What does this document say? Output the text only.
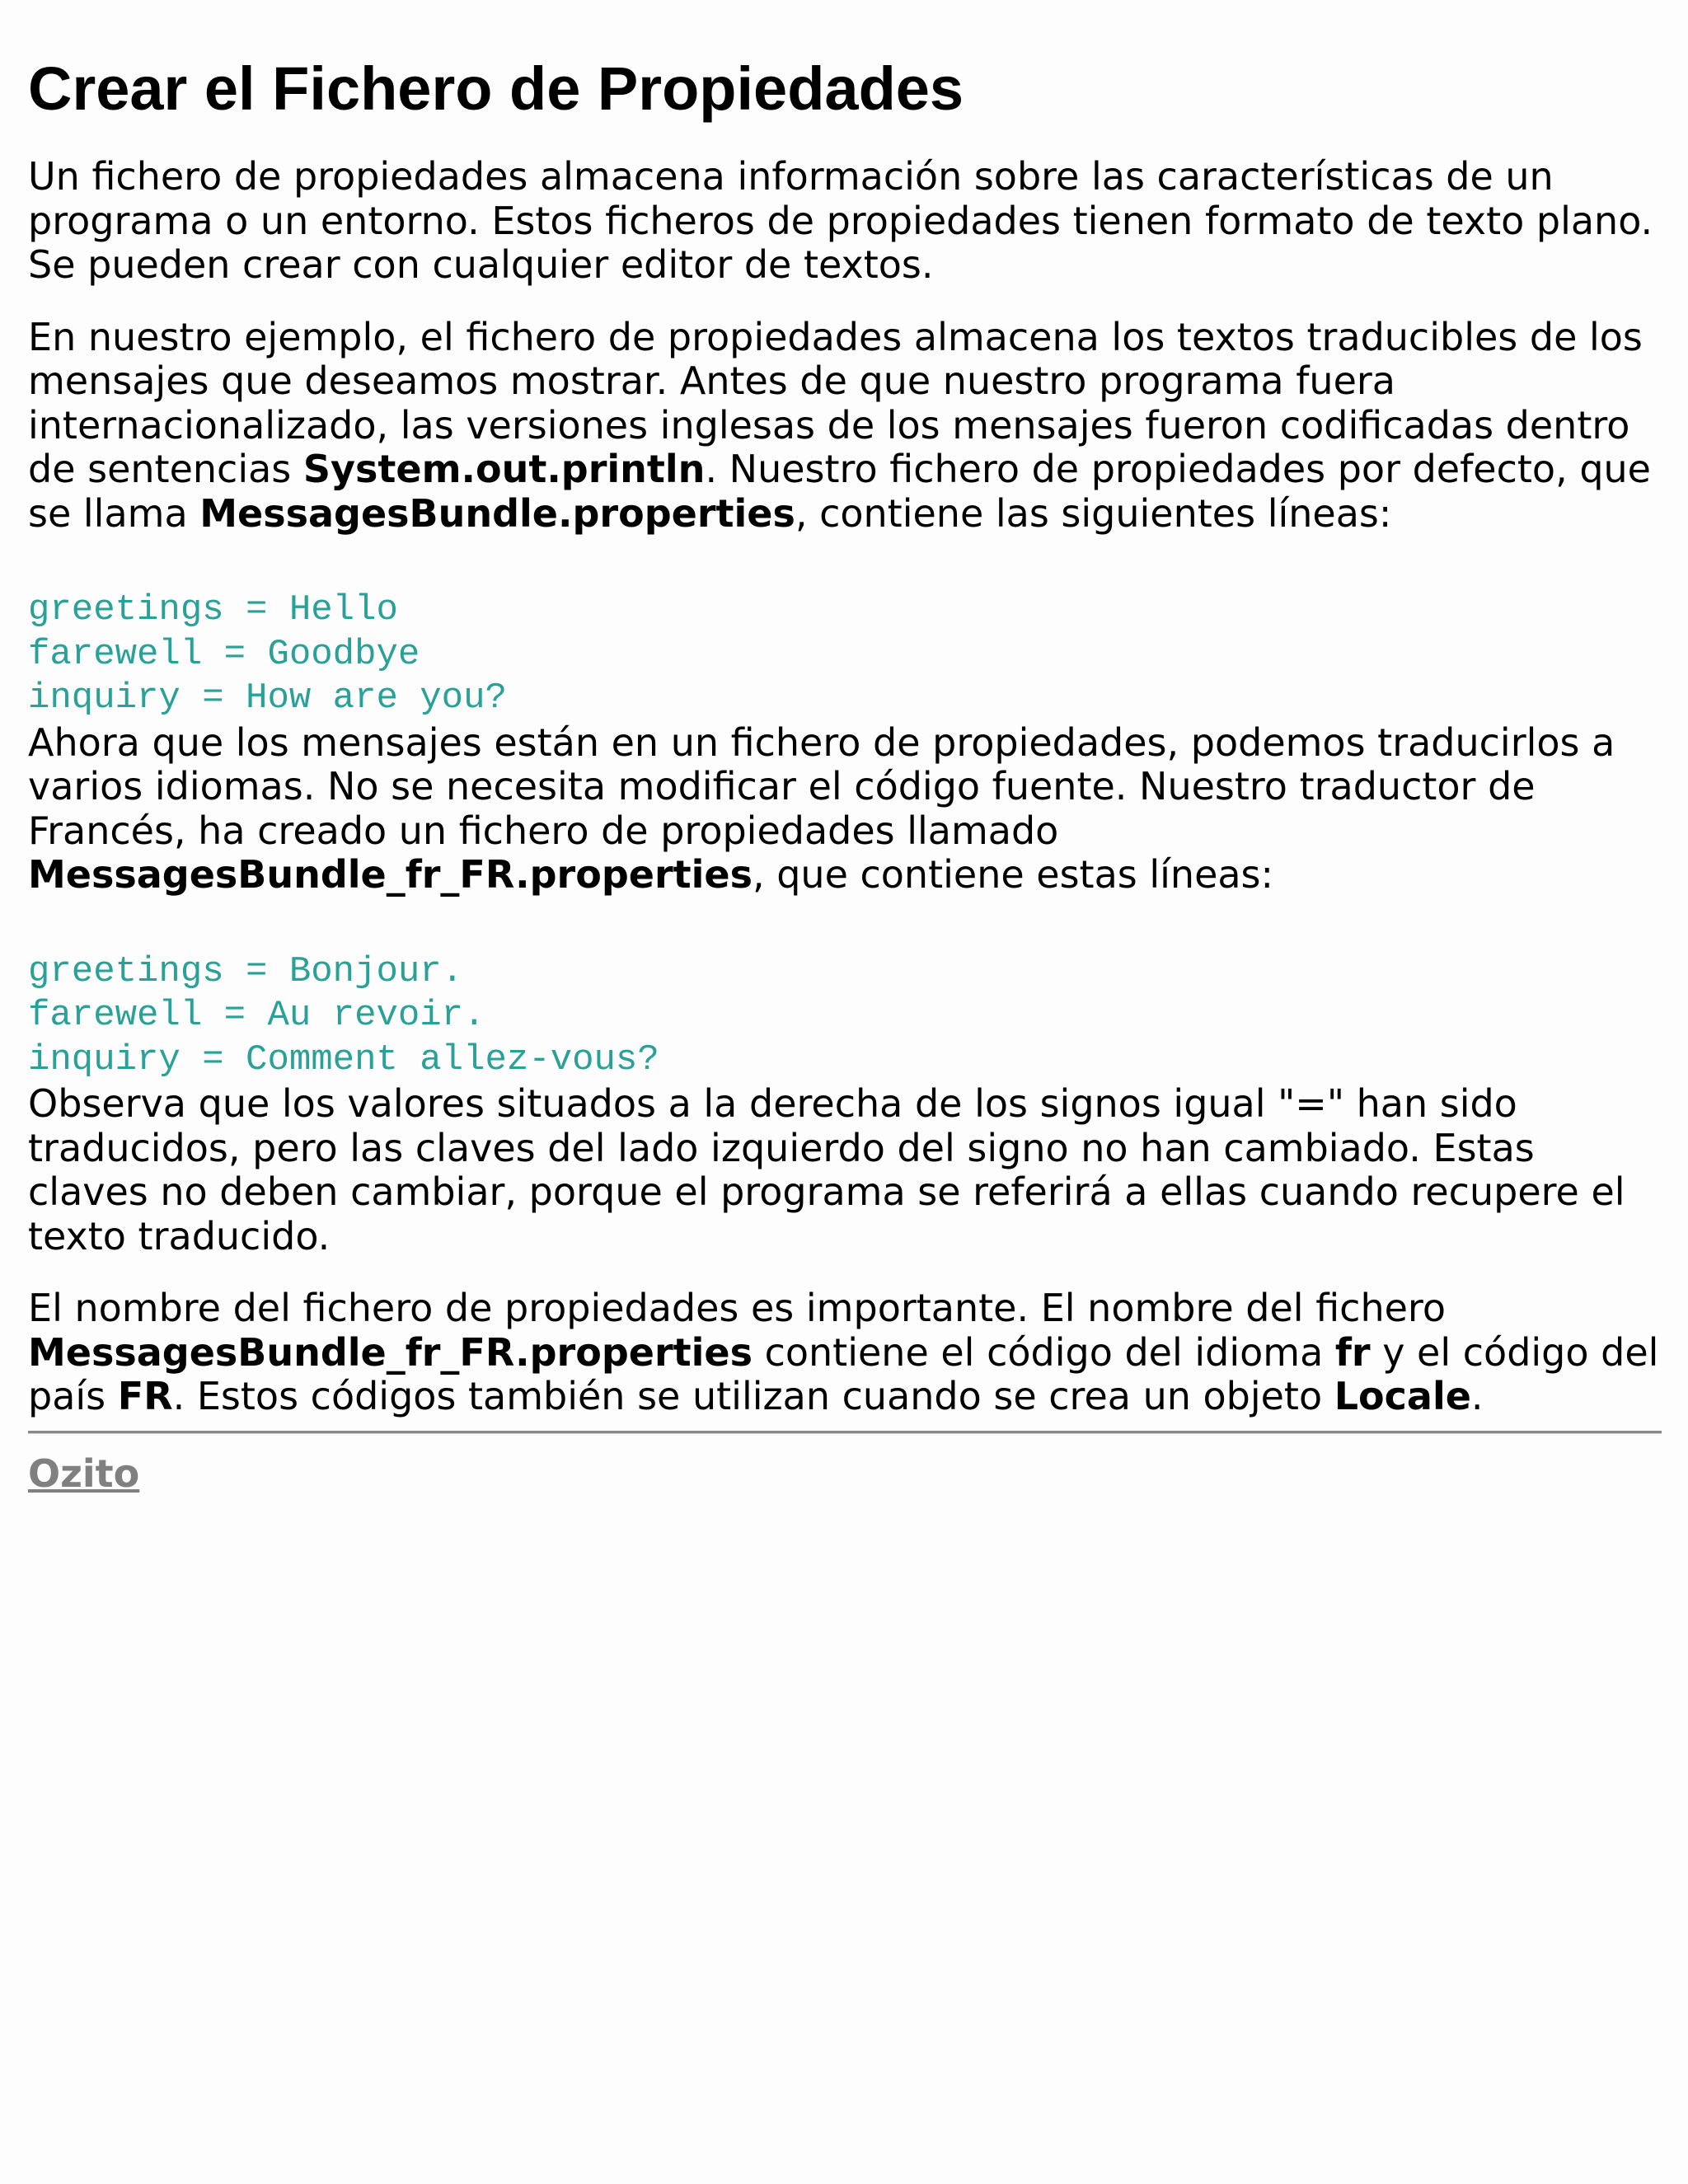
Crear el Fichero de Propiedades

Un fichero de propiedades almacena información sobre las características de un programa o un entorno. Estos ficheros de propiedades tienen formato de texto plano. Se pueden crear con cualquier editor de textos.

En nuestro ejemplo, el fichero de propiedades almacena los textos traducibles de los mensajes que deseamos mostrar. Antes de que nuestro programa fuera internacionalizado, las versiones inglesas de los mensajes fueron codificadas dentro de sentencias System.out.println. Nuestro fichero de propiedades por defecto, que se llama MessagesBundle.properties, contiene las siguientes líneas:

greetings = Hello
farewell = Goodbye
inquiry = How are you?

Ahora que los mensajes están en un fichero de propiedades, podemos traducirlos a varios idiomas. No se necesita modificar el código fuente. Nuestro traductor de Francés, ha creado un fichero de propiedades llamado MessagesBundle_fr_FR.properties, que contiene estas líneas:

greetings = Bonjour.
farewell = Au revoir.
inquiry = Comment allez-vous?

Observa que los valores situados a la derecha de los signos igual "=" han sido traducidos, pero las claves del lado izquierdo del signo no han cambiado. Estas claves no deben cambiar, porque el programa se referirá a ellas cuando recupere el texto traducido.

El nombre del fichero de propiedades es importante. El nombre del fichero MessagesBundle_fr_FR.properties contiene el código del idioma fr y el código del país FR. Estos códigos también se utilizan cuando se crea un objeto Locale.

Ozito
